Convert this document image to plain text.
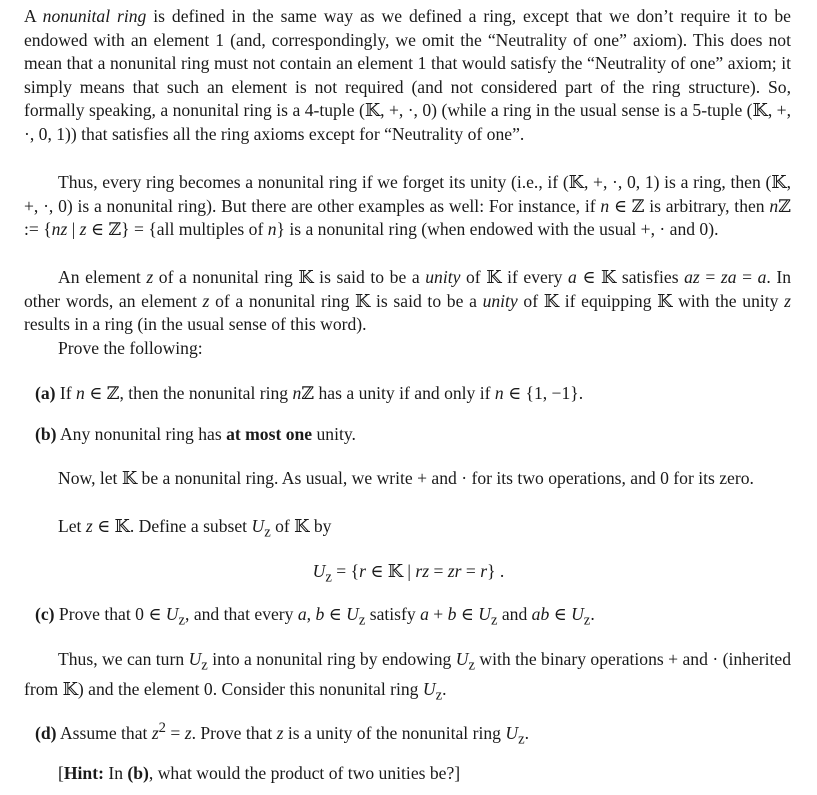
A nonunital ring is defined in the same way as we defined a ring, except that we don’t require it to be endowed with an element 1 (and, correspondingly, we omit the “Neutrality of one” axiom). This does not mean that a nonunital ring must not contain an element 1 that would satisfy the “Neutrality of one” axiom; it simply means that such an element is not required (and not considered part of the ring structure). So, formally speaking, a nonunital ring is a 4-tuple (𝕂, +, ·, 0) (while a ring in the usual sense is a 5-tuple (𝕂, +, ·, 0, 1)) that satisfies all the ring axioms except for “Neutrality of one”.

Thus, every ring becomes a nonunital ring if we forget its unity (i.e., if (𝕂, +, ·, 0, 1) is a ring, then (𝕂, +, ·, 0) is a nonunital ring). But there are other examples as well: For instance, if n ∈ ℤ is arbitrary, then nℤ := {nz | z ∈ ℤ} = {all multiples of n} is a nonunital ring (when endowed with the usual +, · and 0).

An element z of a nonunital ring 𝕂 is said to be a unity of 𝕂 if every a ∈ 𝕂 satisfies az = za = a. In other words, an element z of a nonunital ring 𝕂 is said to be a unity of 𝕂 if equipping 𝕂 with the unity z results in a ring (in the usual sense of this word).

Prove the following:

(a) If n ∈ ℤ, then the nonunital ring nℤ has a unity if and only if n ∈ {1, −1}.

(b) Any nonunital ring has at most one unity.

Now, let 𝕂 be a nonunital ring. As usual, we write + and · for its two operations, and 0 for its zero.

Let z ∈ 𝕂. Define a subset $U_z$ of 𝕂 by

$U_z = \{r$ ∈ 𝕂 | rz = zr = r} .

(c) Prove that 0 ∈ $U_z$, and that every a, b ∈ $U_z$ satisfy a + b ∈ $U_z$ and ab ∈ $U_z$.

Thus, we can turn $U_z$ into a nonunital ring by endowing $U_z$ with the binary operations + and · (inherited from 𝕂) and the element 0. Consider this nonunital ring $U_z$.

(d) Assume that $z^2 = z$. Prove that z is a unity of the nonunital ring $U_z$.

[Hint: In (b), what would the product of two unities be?]
